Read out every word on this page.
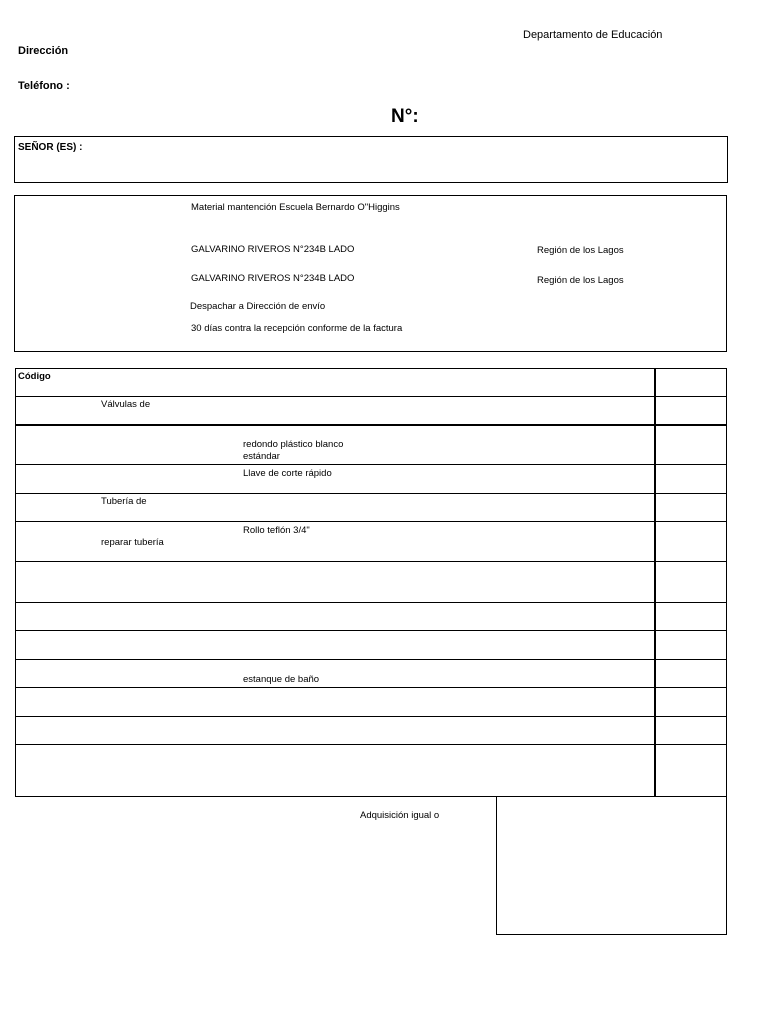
Departamento de Educación
Dirección
Teléfono :
N°:
SEÑOR (ES) :
Material mantención Escuela Bernardo O"Higgins
GALVARINO RIVEROS N°234B LADO	Región de los Lagos
GALVARINO RIVEROS N°234B LADO	Región de los Lagos
Despachar a Dirección de envío
30 días contra la recepción conforme de la factura
Código
Válvulas de
redondo plástico blanco
estándar
Llave de corte rápido
Tubería de
Rollo teflón 3/4"
reparar tubería
estanque de baño
Adquisición igual o
